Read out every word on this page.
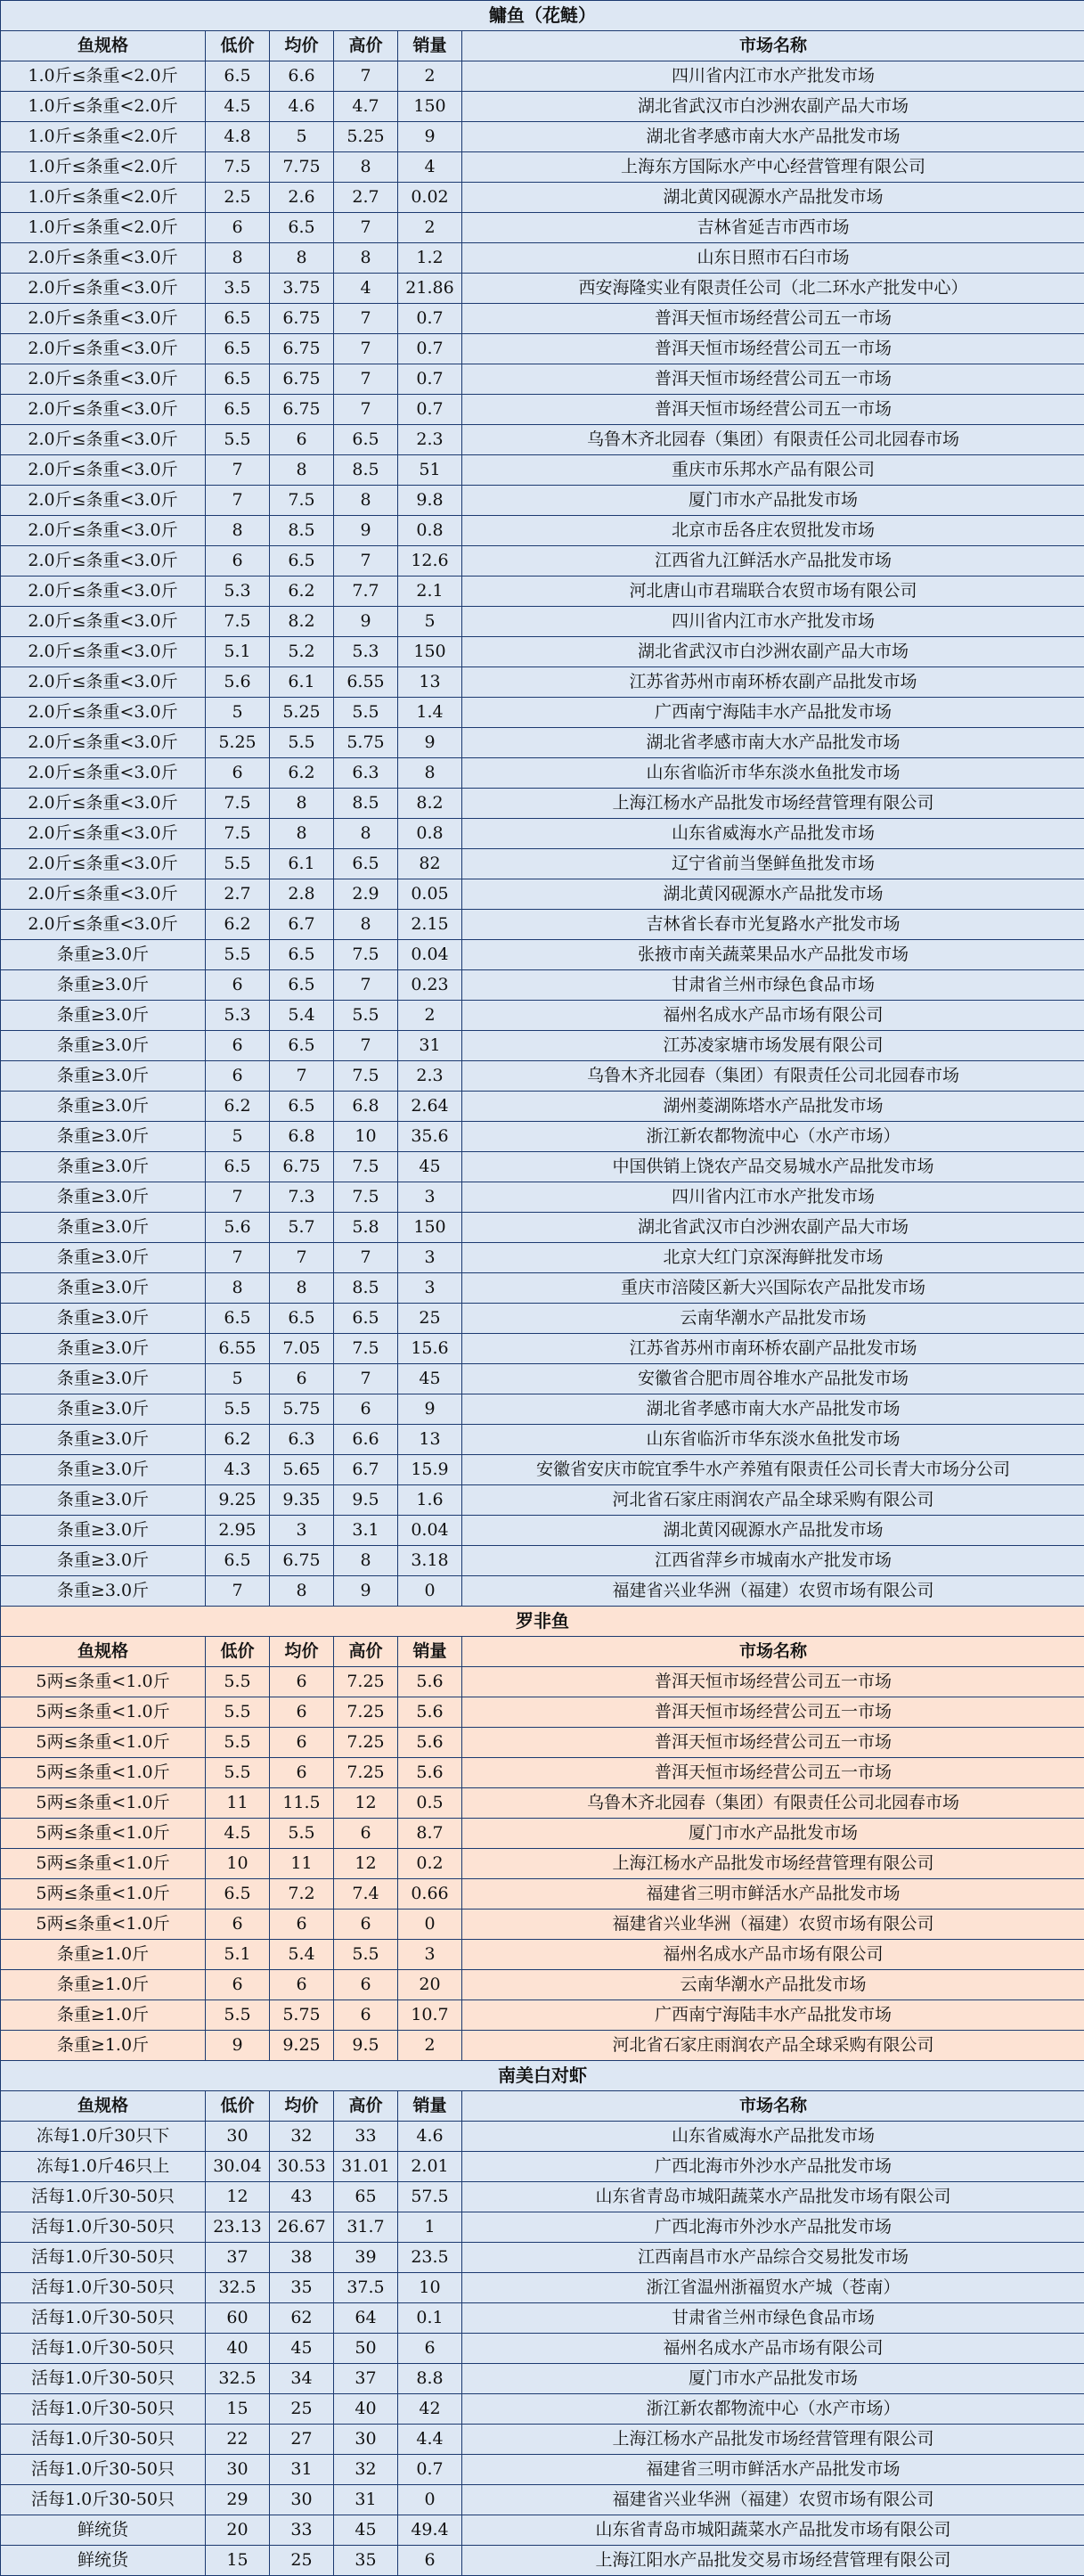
鳙鱼（花鲢）					
鱼规格	低价	均价	高价	销量	市场名称
1.0斤≤条重<2.0斤	6.5	6.6	7	2	四川省内江市水产批发市场
1.0斤≤条重<2.0斤	4.5	4.6	4.7	150	湖北省武汉市白沙洲农副产品大市场
1.0斤≤条重<2.0斤	4.8	5	5.25	9	湖北省孝感市南大水产品批发市场
1.0斤≤条重<2.0斤	7.5	7.75	8	4	上海东方国际水产中心经营管理有限公司
1.0斤≤条重<2.0斤	2.5	2.6	2.7	0.02	湖北黄冈砚源水产品批发市场
1.0斤≤条重<2.0斤	6	6.5	7	2	吉林省延吉市西市场
2.0斤≤条重<3.0斤	8	8	8	1.2	山东日照市石臼市场
2.0斤≤条重<3.0斤	3.5	3.75	4	21.86	西安海隆实业有限责任公司（北二环水产批发中心）
2.0斤≤条重<3.0斤	6.5	6.75	7	0.7	普洱天恒市场经营公司五一市场
2.0斤≤条重<3.0斤	6.5	6.75	7	0.7	普洱天恒市场经营公司五一市场
2.0斤≤条重<3.0斤	6.5	6.75	7	0.7	普洱天恒市场经营公司五一市场
2.0斤≤条重<3.0斤	6.5	6.75	7	0.7	普洱天恒市场经营公司五一市场
2.0斤≤条重<3.0斤	5.5	6	6.5	2.3	乌鲁木齐北园春（集团）有限责任公司北园春市场
2.0斤≤条重<3.0斤	7	8	8.5	51	重庆市乐邦水产品有限公司
2.0斤≤条重<3.0斤	7	7.5	8	9.8	厦门市水产品批发市场
2.0斤≤条重<3.0斤	8	8.5	9	0.8	北京市岳各庄农贸批发市场
2.0斤≤条重<3.0斤	6	6.5	7	12.6	江西省九江鲜活水产品批发市场
2.0斤≤条重<3.0斤	5.3	6.2	7.7	2.1	河北唐山市君瑞联合农贸市场有限公司
2.0斤≤条重<3.0斤	7.5	8.2	9	5	四川省内江市水产批发市场
2.0斤≤条重<3.0斤	5.1	5.2	5.3	150	湖北省武汉市白沙洲农副产品大市场
2.0斤≤条重<3.0斤	5.6	6.1	6.55	13	江苏省苏州市南环桥农副产品批发市场
2.0斤≤条重<3.0斤	5	5.25	5.5	1.4	广西南宁海陆丰水产品批发市场
2.0斤≤条重<3.0斤	5.25	5.5	5.75	9	湖北省孝感市南大水产品批发市场
2.0斤≤条重<3.0斤	6	6.2	6.3	8	山东省临沂市华东淡水鱼批发市场
2.0斤≤条重<3.0斤	7.5	8	8.5	8.2	上海江杨水产品批发市场经营管理有限公司
2.0斤≤条重<3.0斤	7.5	8	8	0.8	山东省威海水产品批发市场
2.0斤≤条重<3.0斤	5.5	6.1	6.5	82	辽宁省前当堡鲜鱼批发市场
2.0斤≤条重<3.0斤	2.7	2.8	2.9	0.05	湖北黄冈砚源水产品批发市场
2.0斤≤条重<3.0斤	6.2	6.7	8	2.15	吉林省长春市光复路水产批发市场
条重≥3.0斤	5.5	6.5	7.5	0.04	张掖市南关蔬菜果品水产品批发市场
条重≥3.0斤	6	6.5	7	0.23	甘肃省兰州市绿色食品市场
条重≥3.0斤	5.3	5.4	5.5	2	福州名成水产品市场有限公司
条重≥3.0斤	6	6.5	7	31	江苏凌家塘市场发展有限公司
条重≥3.0斤	6	7	7.5	2.3	乌鲁木齐北园春（集团）有限责任公司北园春市场
条重≥3.0斤	6.2	6.5	6.8	2.64	湖州菱湖陈塔水产品批发市场
条重≥3.0斤	5	6.8	10	35.6	浙江新农都物流中心（水产市场）
条重≥3.0斤	6.5	6.75	7.5	45	中国供销上饶农产品交易城水产品批发市场
条重≥3.0斤	7	7.3	7.5	3	四川省内江市水产批发市场
条重≥3.0斤	5.6	5.7	5.8	150	湖北省武汉市白沙洲农副产品大市场
条重≥3.0斤	7	7	7	3	北京大红门京深海鲜批发市场
条重≥3.0斤	8	8	8.5	3	重庆市涪陵区新大兴国际农产品批发市场
条重≥3.0斤	6.5	6.5	6.5	25	云南华潮水产品批发市场
条重≥3.0斤	6.55	7.05	7.5	15.6	江苏省苏州市南环桥农副产品批发市场
条重≥3.0斤	5	6	7	45	安徽省合肥市周谷堆水产品批发市场
条重≥3.0斤	5.5	5.75	6	9	湖北省孝感市南大水产品批发市场
条重≥3.0斤	6.2	6.3	6.6	13	山东省临沂市华东淡水鱼批发市场
条重≥3.0斤	4.3	5.65	6.7	15.9	安徽省安庆市皖宜季牛水产养殖有限责任公司长青大市场分公司
条重≥3.0斤	9.25	9.35	9.5	1.6	河北省石家庄雨润农产品全球采购有限公司
条重≥3.0斤	2.95	3	3.1	0.04	湖北黄冈砚源水产品批发市场
条重≥3.0斤	6.5	6.75	8	3.18	江西省萍乡市城南水产批发市场
条重≥3.0斤	7	8	9	0	福建省兴业华洲（福建）农贸市场有限公司
罗非鱼					
鱼规格	低价	均价	高价	销量	市场名称
5两≤条重<1.0斤	5.5	6	7.25	5.6	普洱天恒市场经营公司五一市场
5两≤条重<1.0斤	5.5	6	7.25	5.6	普洱天恒市场经营公司五一市场
5两≤条重<1.0斤	5.5	6	7.25	5.6	普洱天恒市场经营公司五一市场
5两≤条重<1.0斤	5.5	6	7.25	5.6	普洱天恒市场经营公司五一市场
5两≤条重<1.0斤	11	11.5	12	0.5	乌鲁木齐北园春（集团）有限责任公司北园春市场
5两≤条重<1.0斤	4.5	5.5	6	8.7	厦门市水产品批发市场
5两≤条重<1.0斤	10	11	12	0.2	上海江杨水产品批发市场经营管理有限公司
5两≤条重<1.0斤	6.5	7.2	7.4	0.66	福建省三明市鲜活水产品批发市场
5两≤条重<1.0斤	6	6	6	0	福建省兴业华洲（福建）农贸市场有限公司
条重≥1.0斤	5.1	5.4	5.5	3	福州名成水产品市场有限公司
条重≥1.0斤	6	6	6	20	云南华潮水产品批发市场
条重≥1.0斤	5.5	5.75	6	10.7	广西南宁海陆丰水产品批发市场
条重≥1.0斤	9	9.25	9.5	2	河北省石家庄雨润农产品全球采购有限公司
南美白对虾					
鱼规格	低价	均价	高价	销量	市场名称
冻每1.0斤30只下	30	32	33	4.6	山东省威海水产品批发市场
冻每1.0斤46只上	30.04	30.53	31.01	2.01	广西北海市外沙水产品批发市场
活每1.0斤30-50只	12	43	65	57.5	山东省青岛市城阳蔬菜水产品批发市场有限公司
活每1.0斤30-50只	23.13	26.67	31.7	1	广西北海市外沙水产品批发市场
活每1.0斤30-50只	37	38	39	23.5	江西南昌市水产品综合交易批发市场
活每1.0斤30-50只	32.5	35	37.5	10	浙江省温州浙福贸水产城（苍南）
活每1.0斤30-50只	60	62	64	0.1	甘肃省兰州市绿色食品市场
活每1.0斤30-50只	40	45	50	6	福州名成水产品市场有限公司
活每1.0斤30-50只	32.5	34	37	8.8	厦门市水产品批发市场
活每1.0斤30-50只	15	25	40	42	浙江新农都物流中心（水产市场）
活每1.0斤30-50只	22	27	30	4.4	上海江杨水产品批发市场经营管理有限公司
活每1.0斤30-50只	30	31	32	0.7	福建省三明市鲜活水产品批发市场
活每1.0斤30-50只	29	30	31	0	福建省兴业华洲（福建）农贸市场有限公司
鲜统货	20	33	45	49.4	山东省青岛市城阳蔬菜水产品批发市场有限公司
鲜统货	15	25	35	6	上海江阳水产品批发交易市场经营管理有限公司
